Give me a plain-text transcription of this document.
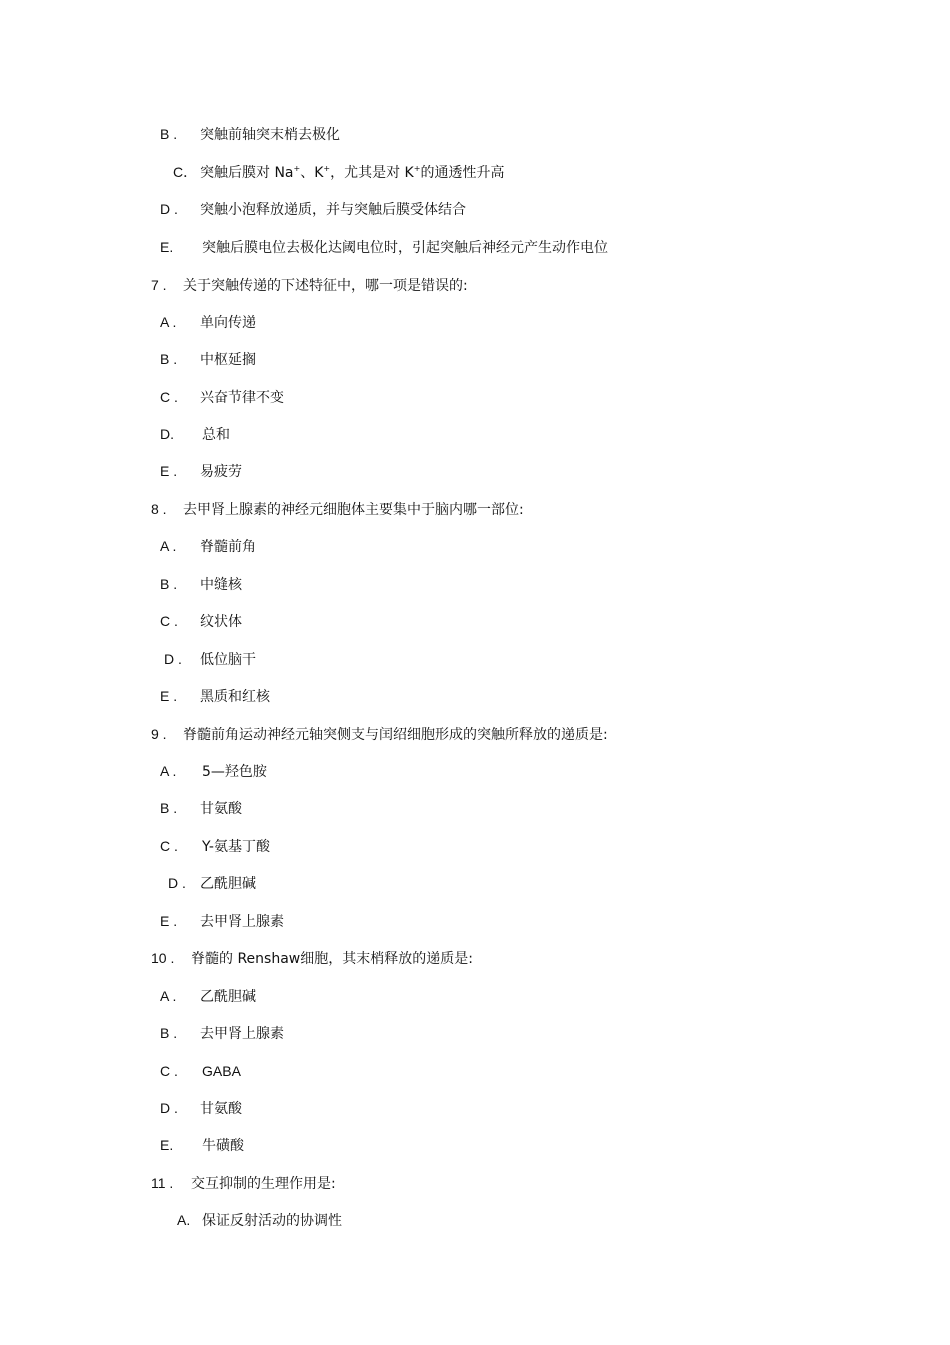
B . 突触前轴突末梢去极化
C． 突触后膜对 Na+、K+，尤其是对 K+的通透性升高
D . 突触小泡释放递质，并与突触后膜受体结合
E. 突触后膜电位去极化达阈电位时，引起突触后神经元产生动作电位
7 . 关于突触传递的下述特征中，哪一项是错误的:
A . 单向传递
B . 中枢延搁
C . 兴奋节律不变
D. 总和
E . 易疲劳
8 . 去甲肾上腺素的神经元细胞体主要集中于脑内哪一部位:
A . 脊髓前角
B . 中缝核
C . 纹状体
D . 低位脑干
E . 黑质和红核
9 . 脊髓前角运动神经元轴突侧支与闰绍细胞形成的突触所释放的递质是:
A . 5—羟色胺
B . 甘氨酸
C . Y-氨基丁酸
D . 乙酰胆碱
E . 去甲肾上腺素
10 . 脊髓的 Renshaw细胞，其末梢释放的递质是:
A . 乙酰胆碱
B . 去甲肾上腺素
C . GABA
D . 甘氨酸
E. 牛磺酸
11 . 交互抑制的生理作用是:
A. 保证反射活动的协调性
